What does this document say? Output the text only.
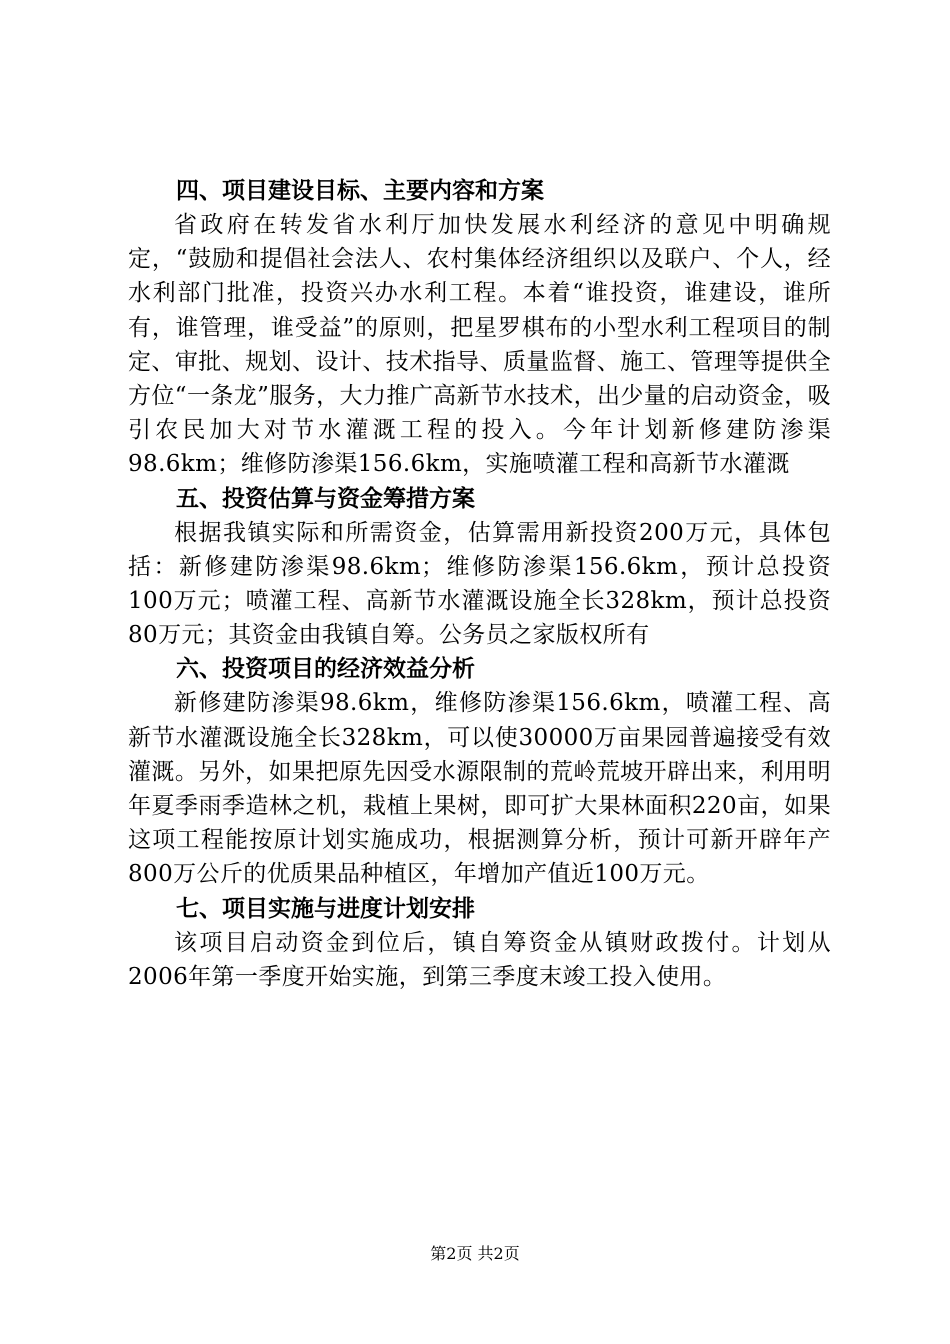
四、项目建设目标、主要内容和方案

省政府在转发省水利厅加快发展水利经济的意见中明确规定，“鼓励和提倡社会法人、农村集体经济组织以及联户、个人，经水利部门批准，投资兴办水利工程。本着“谁投资，谁建设，谁所有，谁管理，谁受益”的原则，把星罗棋布的小型水利工程项目的制定、审批、规划、设计、技术指导、质量监督、施工、管理等提供全方位“一条龙”服务，大力推广高新节水技术，出少量的启动资金，吸引农民加大对节水灌溉工程的投入。今年计划新修建防渗渠98.6km；维修防渗渠156.6km，实施喷灌工程和高新节水灌溉

五、投资估算与资金筹措方案

根据我镇实际和所需资金，估算需用新投资200万元，具体包括：新修建防渗渠98.6km；维修防渗渠156.6km，预计总投资100万元；喷灌工程、高新节水灌溉设施全长328km，预计总投资80万元；其资金由我镇自筹。公务员之家版权所有

六、投资项目的经济效益分析

新修建防渗渠98.6km，维修防渗渠156.6km，喷灌工程、高新节水灌溉设施全长328km，可以使30000万亩果园普遍接受有效灌溉。另外，如果把原先因受水源限制的荒岭荒坡开辟出来，利用明年夏季雨季造林之机，栽植上果树，即可扩大果林面积220亩，如果这项工程能按原计划实施成功，根据测算分析，预计可新开辟年产800万公斤的优质果品种植区，年增加产值近100万元。

七、项目实施与进度计划安排

该项目启动资金到位后，镇自筹资金从镇财政拨付。计划从2006年第一季度开始实施，到第三季度末竣工投入使用。

第2页 共2页
